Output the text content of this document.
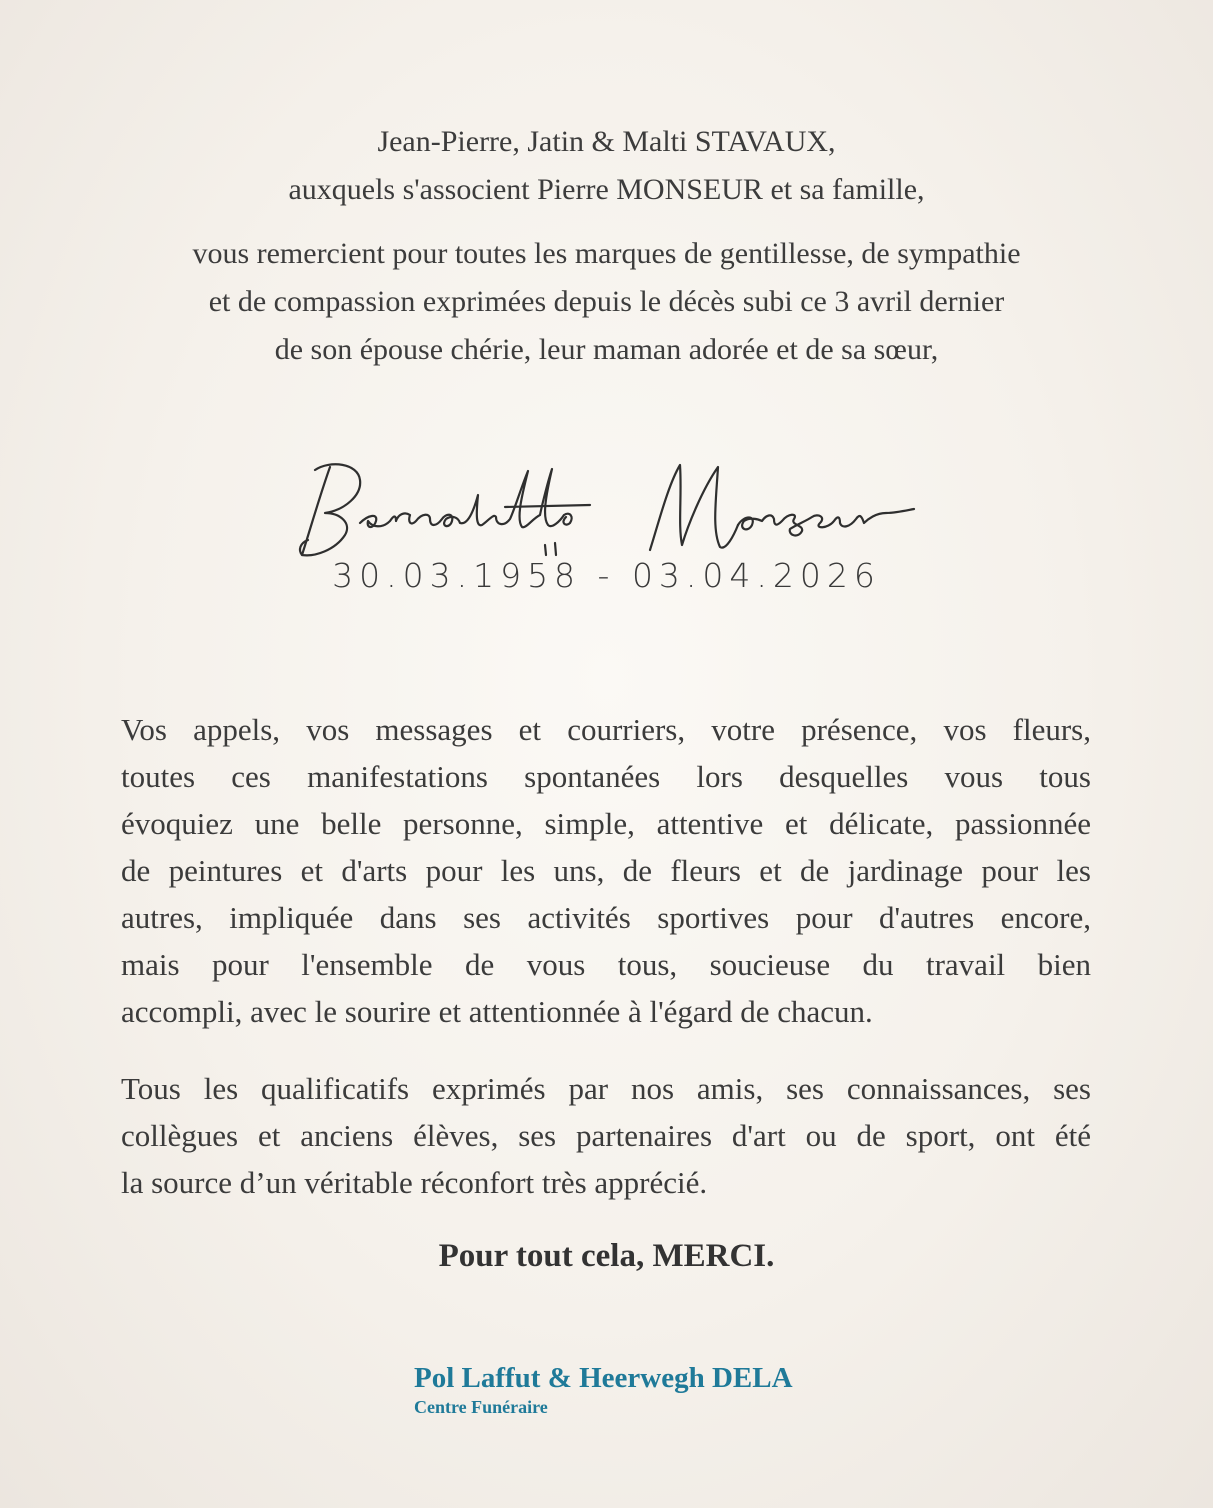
Jean-Pierre, Jatin & Malti STAVAUX,
auxquels s'associent Pierre MONSEUR et sa famille,
vous remercient pour toutes les marques de gentillesse, de sympathie
et de compassion exprimées depuis le décès subi ce 3 avril dernier
de son épouse chérie, leur maman adorée et de sa sœur,
30.03.1958 - 03.04.2026
Vos appels, vos messages et courriers, votre présence, vos fleurs,
toutes ces manifestations spontanées lors desquelles vous tous
évoquiez une belle personne, simple, attentive et délicate, passionnée
de peintures et d'arts pour les uns, de fleurs et de jardinage pour les
autres, impliquée dans ses activités sportives pour d'autres encore,
mais pour l'ensemble de vous tous, soucieuse du travail bien
accompli, avec le sourire et attentionnée à l'égard de chacun.
Tous les qualificatifs exprimés par nos amis, ses connaissances, ses
collègues et anciens élèves, ses partenaires d'art ou de sport, ont été
la source d’un véritable réconfort très apprécié.
Pour tout cela, MERCI.
Pol Laffut & Heerwegh DELA
Centre Funéraire
